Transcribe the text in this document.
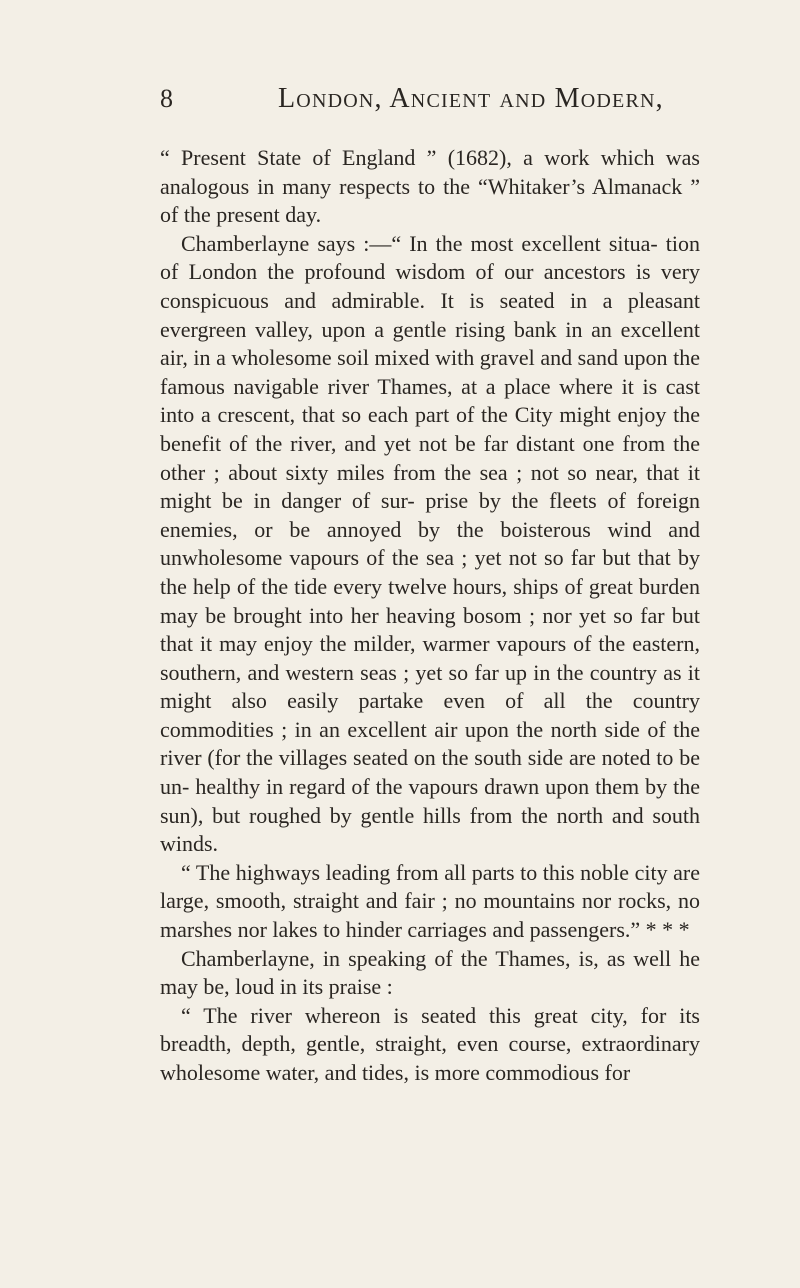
8	London, Ancient and Modern,

“ Present State of England ” (1682), a work which was analogous in many respects to the “Whitaker’s Almanack ” of the present day.

Chamberlayne says :—“ In the most excellent situa- tion of London the profound wisdom of our ancestors is very conspicuous and admirable. It is seated in a pleasant evergreen valley, upon a gentle rising bank in an excellent air, in a wholesome soil mixed with gravel and sand upon the famous navigable river Thames, at a place where it is cast into a crescent, that so each part of the City might enjoy the benefit of the river, and yet not be far distant one from the other ; about sixty miles from the sea ; not so near, that it might be in danger of sur- prise by the fleets of foreign enemies, or be annoyed by the boisterous wind and unwholesome vapours of the sea ; yet not so far but that by the help of the tide every twelve hours, ships of great burden may be brought into her heaving bosom ; nor yet so far but that it may enjoy the milder, warmer vapours of the eastern, southern, and western seas ; yet so far up in the country as it might also easily partake even of all the country commodities ; in an excellent air upon the north side of the river (for the villages seated on the south side are noted to be un- healthy in regard of the vapours drawn upon them by the sun), but roughed by gentle hills from the north and south winds.

“ The highways leading from all parts to this noble city are large, smooth, straight and fair ; no mountains nor rocks, no marshes nor lakes to hinder carriages and passengers.” * * *

Chamberlayne, in speaking of the Thames, is, as well he may be, loud in its praise :

“ The river whereon is seated this great city, for its breadth, depth, gentle, straight, even course, extraordinary wholesome water, and tides, is more commodious for
